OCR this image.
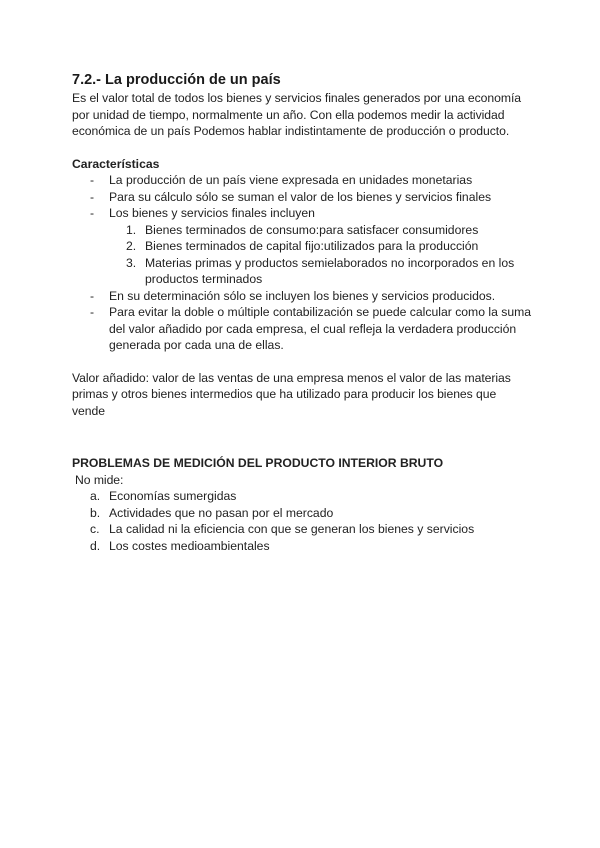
7.2.- La producción de un país

Es el valor total de todos los bienes y servicios finales generados por una economía por unidad de tiempo, normalmente un año. Con ella podemos medir la actividad económica de un país Podemos hablar indistintamente de producción o producto.

Características

- La producción de un país viene expresada en unidades monetarias
- Para su cálculo sólo se suman el valor de los bienes y servicios finales
- Los bienes y servicios finales incluyen
1. Bienes terminados de consumo:para satisfacer consumidores
2. Bienes terminados de capital fijo:utilizados para la producción
3. Materias primas y productos semielaborados no incorporados en los productos terminados
- En su determinación sólo se incluyen los bienes y servicios producidos.
- Para evitar la doble o múltiple contabilización se puede calcular como la suma del valor añadido por cada empresa, el cual refleja la verdadera producción generada por cada una de ellas.

Valor añadido: valor de las ventas de una empresa menos el valor de las materias primas y otros bienes intermedios que ha utilizado para producir los bienes que vende

PROBLEMAS DE MEDICIÓN DEL PRODUCTO INTERIOR BRUTO

No mide:

a. Economías sumergidas
b. Actividades que no pasan por el mercado
c. La calidad ni la eficiencia con que se generan los bienes y servicios
d. Los costes medioambientales
